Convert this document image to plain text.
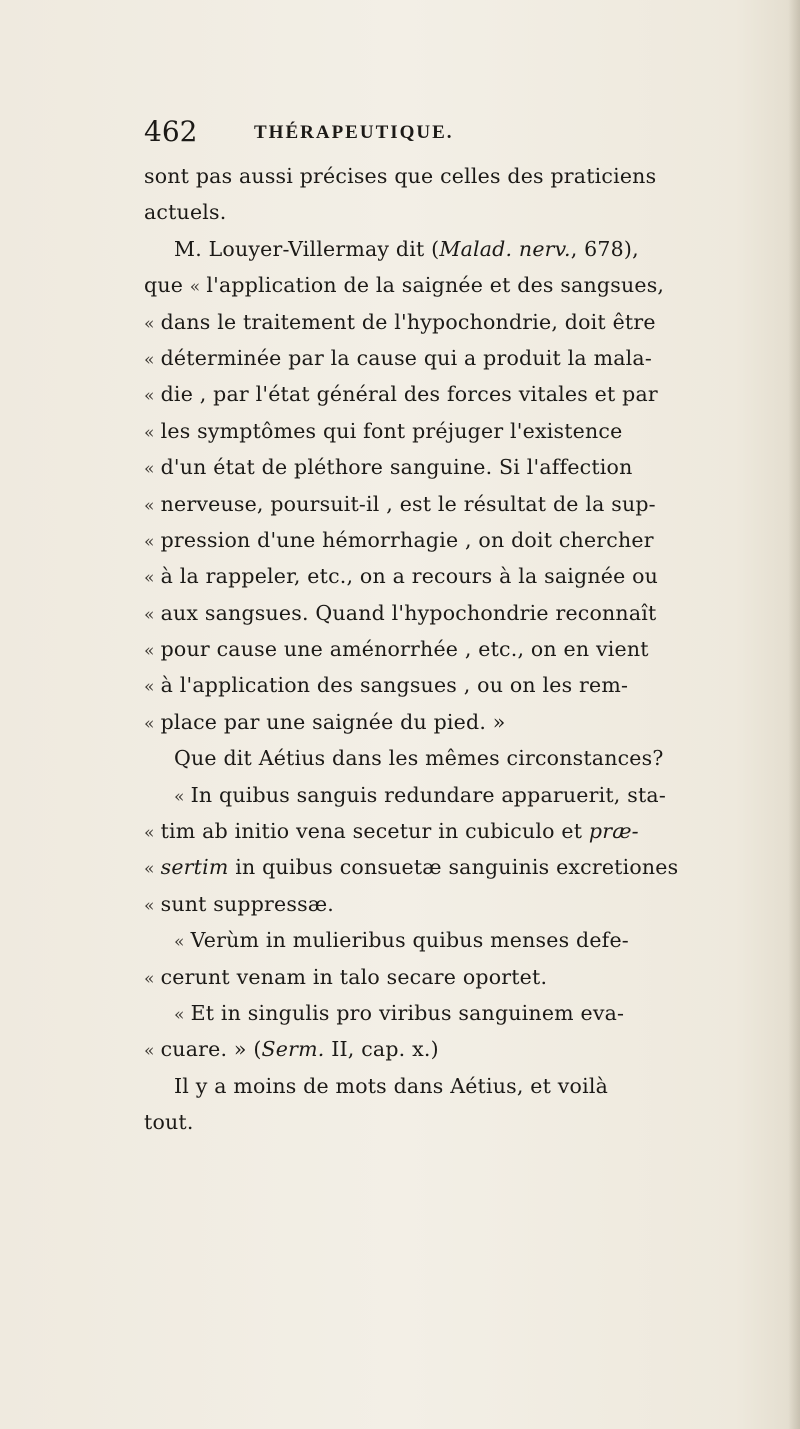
462	THÉRAPEUTIQUE.
sont pas aussi précises que celles des praticiens
actuels.
M. Louyer-Villermay dit (Malad. nerv., 678),
que « l'application de la saignée et des sangsues,
« dans le traitement de l'hypochondrie, doit être
« déterminée par la cause qui a produit la mala-
« die , par l'état général des forces vitales et par
« les symptômes qui font préjuger l'existence
« d'un état de pléthore sanguine. Si l'affection
« nerveuse, poursuit-il , est le résultat de la sup-
« pression d'une hémorrhagie , on doit chercher
« à la rappeler, etc., on a recours à la saignée ou
« aux sangsues. Quand l'hypochondrie reconnaît
« pour cause une aménorrhée , etc., on en vient
« à l'application des sangsues , ou on les rem-
« place par une saignée du pied. »
Que dit Aétius dans les mêmes circonstances?
« In quibus sanguis redundare apparuerit, sta-
« tim ab initio vena secetur in cubiculo et præ-
« sertim in quibus consuetæ sanguinis excretiones
« sunt suppressæ.
« Verùm in mulieribus quibus menses defe-
« cerunt venam in talo secare oportet.
« Et in singulis pro viribus sanguinem eva-
« cuare. » (Serm. II, cap. x.)
Il y a moins de mots dans Aétius, et voilà
tout.
